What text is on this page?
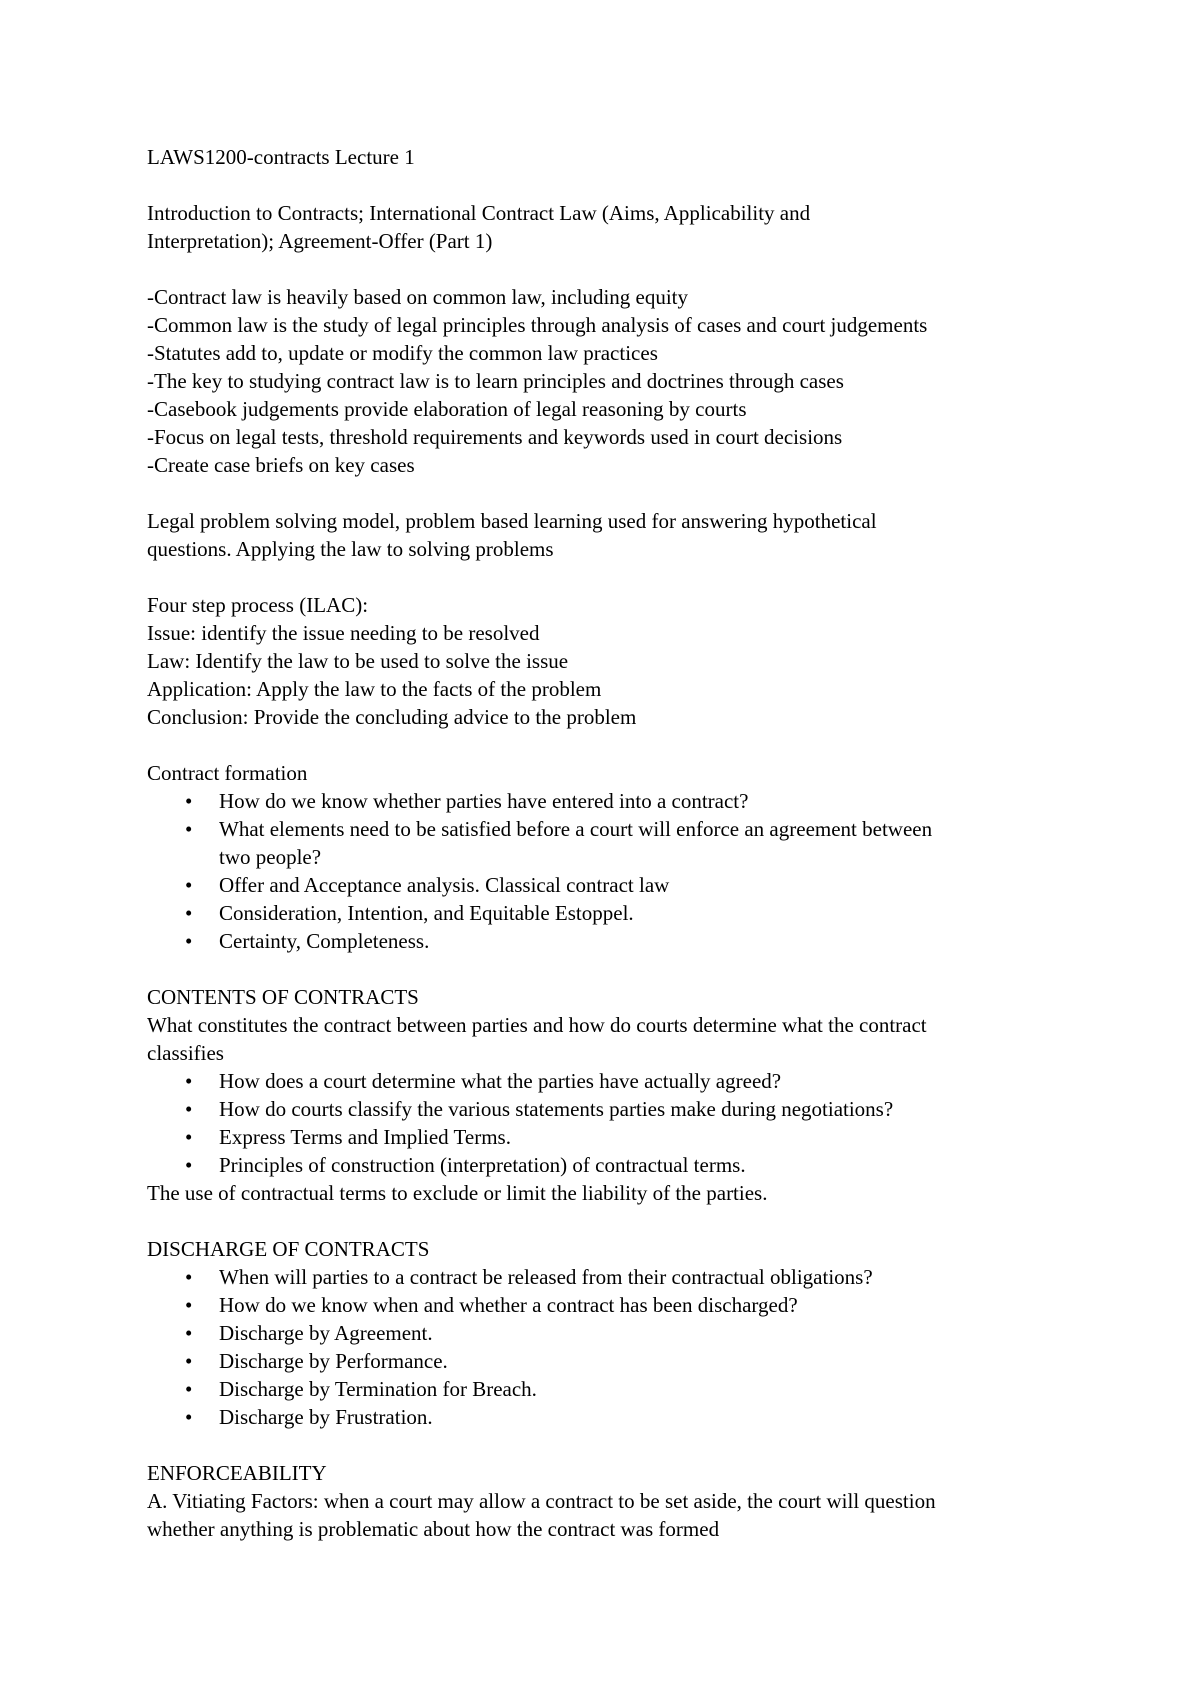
LAWS1200-contracts Lecture 1

Introduction to Contracts; International Contract Law (Aims, Applicability and

Interpretation); Agreement-Offer (Part 1)

-Contract law is heavily based on common law, including equity

-Common law is the study of legal principles through analysis of cases and court judgements

-Statutes add to, update or modify the common law practices

-The key to studying contract law is to learn principles and doctrines through cases

-Casebook judgements provide elaboration of legal reasoning by courts

-Focus on legal tests, threshold requirements and keywords used in court decisions

-Create case briefs on key cases

Legal problem solving model, problem based learning used for answering hypothetical

questions. Applying the law to solving problems

Four step process (ILAC):

Issue: identify the issue needing to be resolved

Law: Identify the law to be used to solve the issue

Application: Apply the law to the facts of the problem

Conclusion: Provide the concluding advice to the problem

Contract formation

• How do we know whether parties have entered into a contract?

• What elements need to be satisfied before a court will enforce an agreement between

two people?

• Offer and Acceptance analysis. Classical contract law

• Consideration, Intention, and Equitable Estoppel.

• Certainty, Completeness.

CONTENTS OF CONTRACTS

What constitutes the contract between parties and how do courts determine what the contract

classifies

• How does a court determine what the parties have actually agreed?

• How do courts classify the various statements parties make during negotiations?

• Express Terms and Implied Terms.

• Principles of construction (interpretation) of contractual terms.

The use of contractual terms to exclude or limit the liability of the parties.

DISCHARGE OF CONTRACTS

• When will parties to a contract be released from their contractual obligations?

• How do we know when and whether a contract has been discharged?

• Discharge by Agreement.

• Discharge by Performance.

• Discharge by Termination for Breach.

• Discharge by Frustration.

ENFORCEABILITY

A. Vitiating Factors: when a court may allow a contract to be set aside, the court will question

whether anything is problematic about how the contract was formed
